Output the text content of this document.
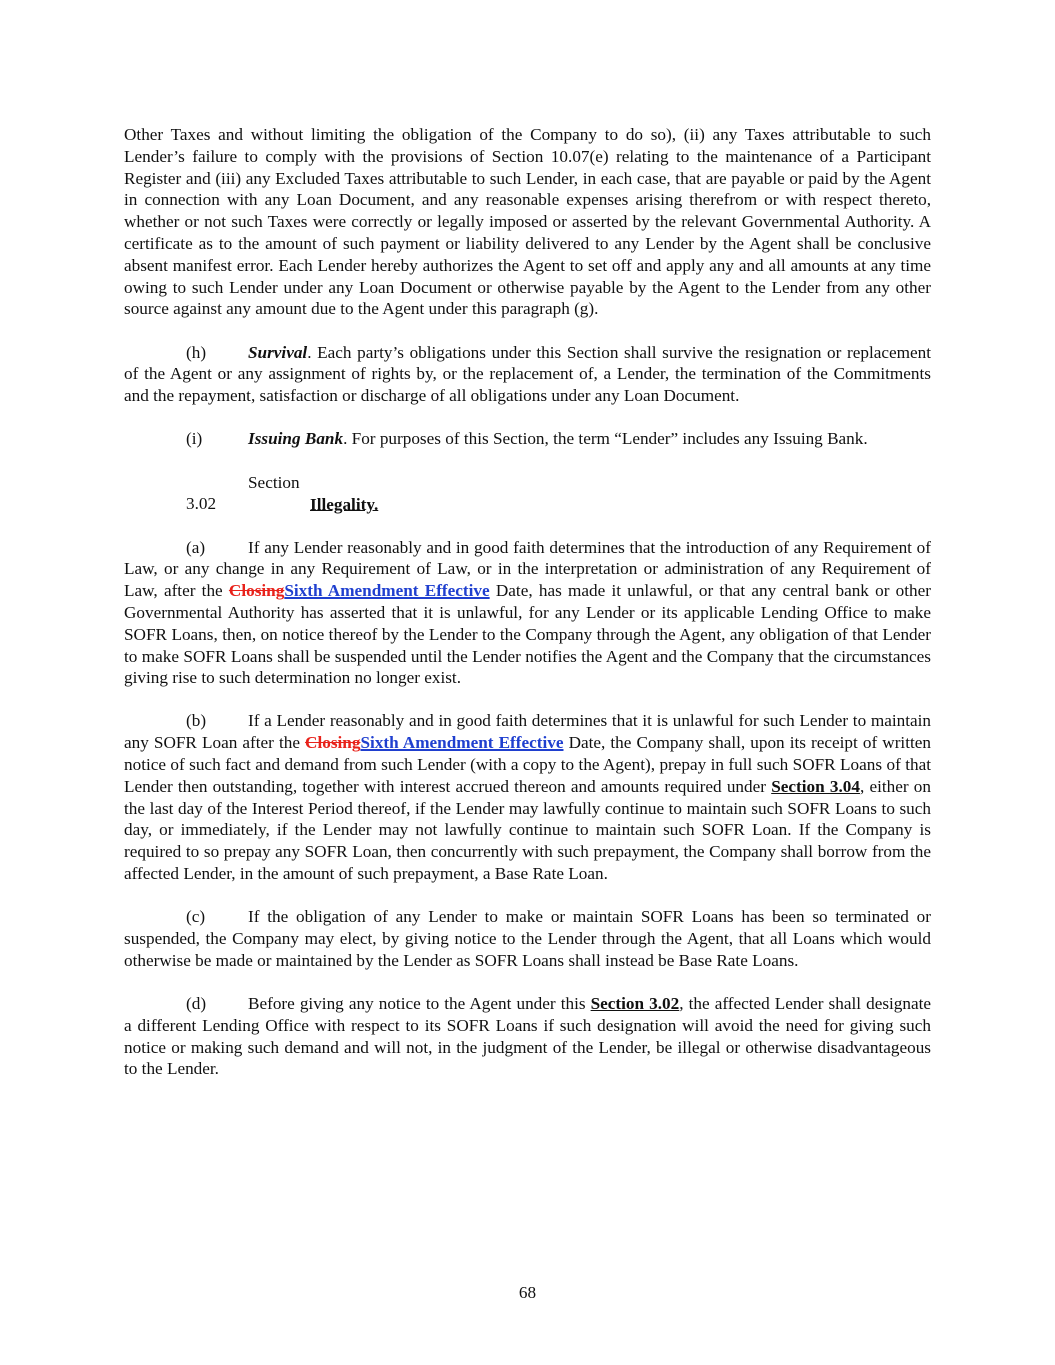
Other Taxes and without limiting the obligation of the Company to do so), (ii) any Taxes attributable to such Lender’s failure to comply with the provisions of Section 10.07(e) relating to the maintenance of a Participant Register and (iii) any Excluded Taxes attributable to such Lender, in each case, that are payable or paid by the Agent in connection with any Loan Document, and any reasonable expenses arising therefrom or with respect thereto, whether or not such Taxes were correctly or legally imposed or asserted by the relevant Governmental Authority. A certificate as to the amount of such payment or liability delivered to any Lender by the Agent shall be conclusive absent manifest error. Each Lender hereby authorizes the Agent to set off and apply any and all amounts at any time owing to such Lender under any Loan Document or otherwise payable by the Agent to the Lender from any other source against any amount due to the Agent under this paragraph (g).

(h) Survival. Each party’s obligations under this Section shall survive the resignation or replacement of the Agent or any assignment of rights by, or the replacement of, a Lender, the termination of the Commitments and the repayment, satisfaction or discharge of all obligations under any Loan Document.

(i)	Issuing Bank. For purposes of this Section, the term “Lender” includes any Issuing Bank.

Section 3.02	Illegality.

(a) If any Lender reasonably and in good faith determines that the introduction of any Requirement of Law, or any change in any Requirement of Law, or in the interpretation or administration of any Requirement of Law, after the ClosingSixth Amendment Effective Date, has made it unlawful, or that any central bank or other Governmental Authority has asserted that it is unlawful, for any Lender or its applicable Lending Office to make SOFR Loans, then, on notice thereof by the Lender to the Company through the Agent, any obligation of that Lender to make SOFR Loans shall be suspended until the Lender notifies the Agent and the Company that the circumstances giving rise to such determination no longer exist.

(b) If a Lender reasonably and in good faith determines that it is unlawful for such Lender to maintain any SOFR Loan after the ClosingSixth Amendment Effective Date, the Company shall, upon its receipt of written notice of such fact and demand from such Lender (with a copy to the Agent), prepay in full such SOFR Loans of that Lender then outstanding, together with interest accrued thereon and amounts required under Section 3.04, either on the last day of the Interest Period thereof, if the Lender may lawfully continue to maintain such SOFR Loans to such day, or immediately, if the Lender may not lawfully continue to maintain such SOFR Loan. If the Company is required to so prepay any SOFR Loan, then concurrently with such prepayment, the Company shall borrow from the affected Lender, in the amount of such prepayment, a Base Rate Loan.

(c) If the obligation of any Lender to make or maintain SOFR Loans has been so terminated or suspended, the Company may elect, by giving notice to the Lender through the Agent, that all Loans which would otherwise be made or maintained by the Lender as SOFR Loans shall instead be Base Rate Loans.

(d) Before giving any notice to the Agent under this Section 3.02, the affected Lender shall designate a different Lending Office with respect to its SOFR Loans if such designation will avoid the need for giving such notice or making such demand and will not, in the judgment of the Lender, be illegal or otherwise disadvantageous to the Lender.

68
